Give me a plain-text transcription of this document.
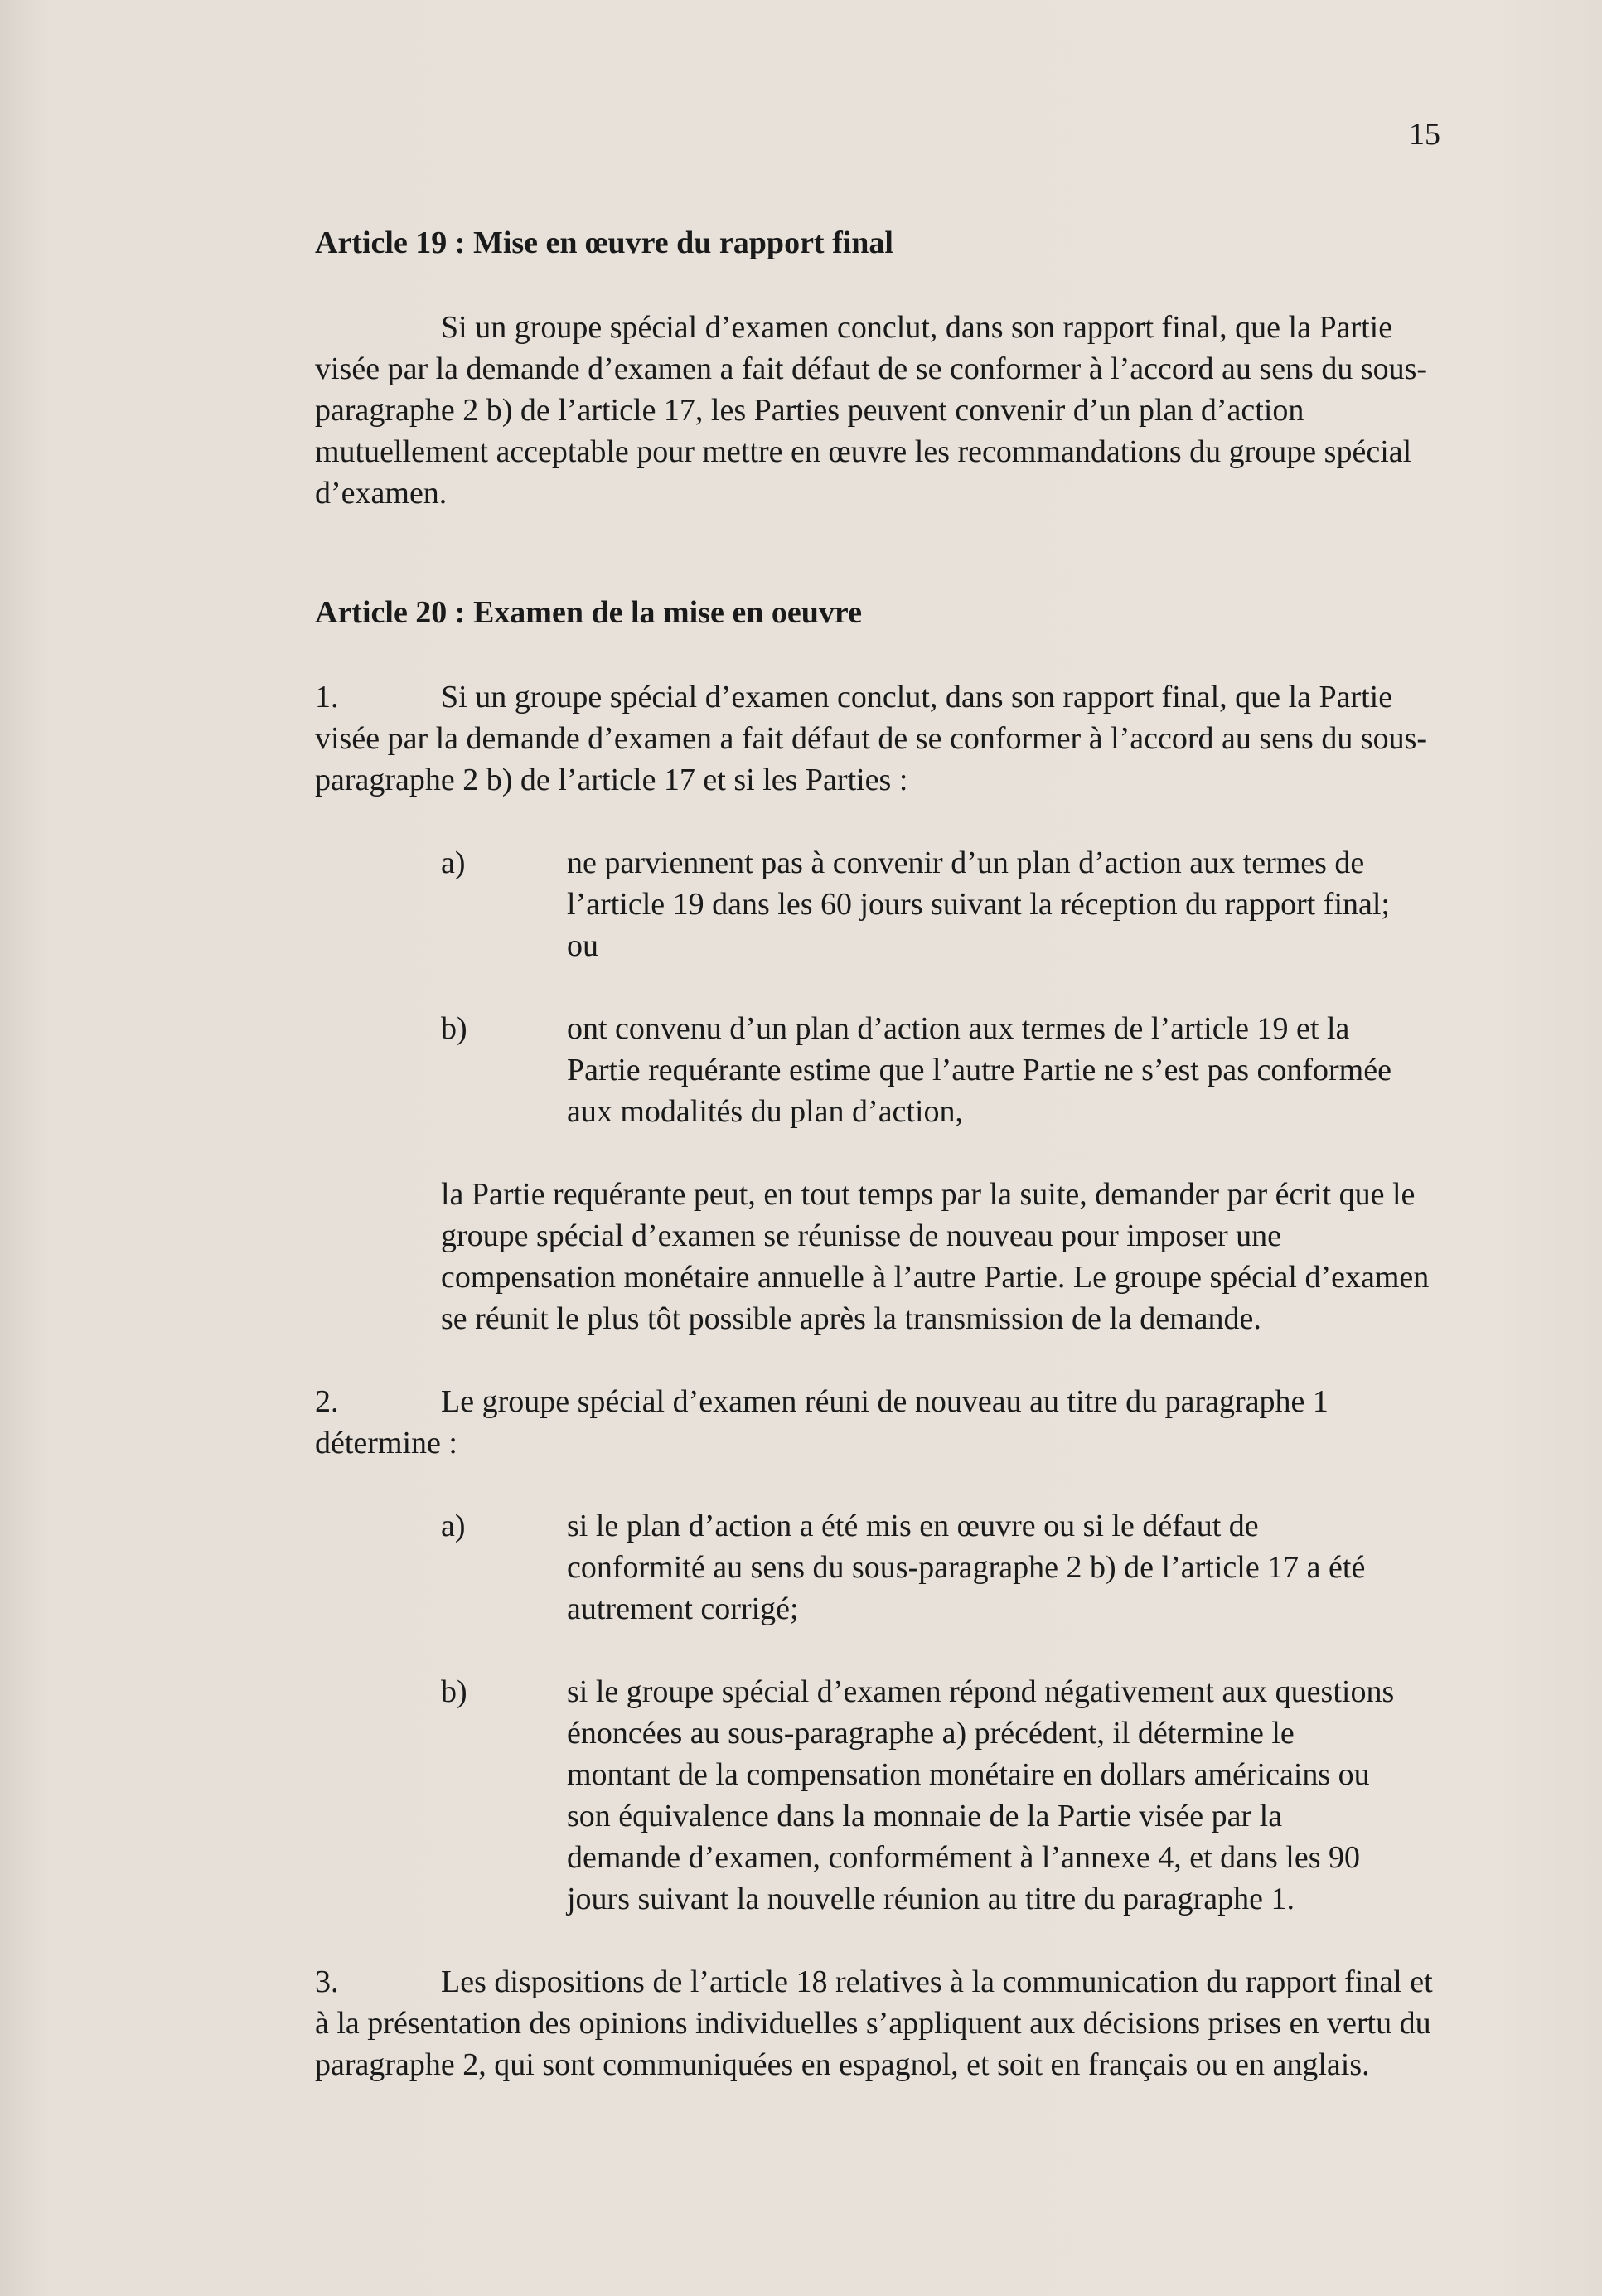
15
Article 19 : Mise en œuvre du rapport final

Si un groupe spécial d’examen conclut, dans son rapport final, que la Partie visée par la demande d’examen a fait défaut de se conformer à l’accord au sens du sous-paragraphe 2 b) de l’article 17, les Parties peuvent convenir d’un plan d’action mutuellement acceptable pour mettre en œuvre les recommandations du groupe spécial d’examen.

Article 20 : Examen de la mise en oeuvre

1.	Si un groupe spécial d’examen conclut, dans son rapport final, que la Partie visée par la demande d’examen a fait défaut de se conformer à l’accord au sens du sous-paragraphe 2 b) de l’article 17 et si les Parties :

a)	ne parviennent pas à convenir d’un plan d’action aux termes de l’article 19 dans les 60 jours suivant la réception du rapport final; ou
b)	ont convenu d’un plan d’action aux termes de l’article 19 et la Partie requérante estime que l’autre Partie ne s’est pas conformée aux modalités du plan d’action,

la Partie requérante peut, en tout temps par la suite, demander par écrit que le groupe spécial d’examen se réunisse de nouveau pour imposer une compensation monétaire annuelle à l’autre Partie. Le groupe spécial d’examen se réunit le plus tôt possible après la transmission de la demande.

2.	Le groupe spécial d’examen réuni de nouveau au titre du paragraphe 1 détermine :

a)	si le plan d’action a été mis en œuvre ou si le défaut de conformité au sens du sous-paragraphe 2 b) de l’article 17 a été autrement corrigé;
b)	si le groupe spécial d’examen répond négativement aux questions énoncées au sous-paragraphe a) précédent, il détermine le montant de la compensation monétaire en dollars américains ou son équivalence dans la monnaie de la Partie visée par la demande d’examen, conformément à l’annexe 4, et dans les 90 jours suivant la nouvelle réunion au titre du paragraphe 1.

3.	Les dispositions de l’article 18 relatives à la communication du rapport final et à la présentation des opinions individuelles s’appliquent aux décisions prises en vertu du paragraphe 2, qui sont communiquées en espagnol, et soit en français ou en anglais.
